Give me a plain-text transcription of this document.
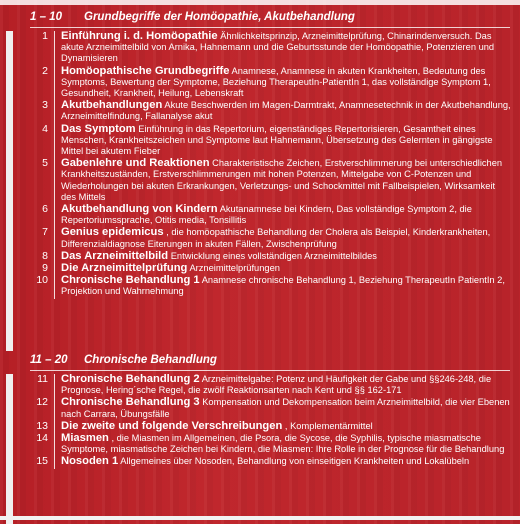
1 – 10 Grundbegriffe der Homöopathie, Akutbehandlung
1	Einführung i. d. Homöopathie Ähnlichkeitsprinzip, Arzneimittelprüfung, Chinarindenversuch. Das akute Arzneimittelbild von Arnika, Hahnemann und die Geburtsstunde der Homöopathie, Potenzieren und Dynamisieren
2	Homöopathische Grundbegriffe Anamnese, Anamnese in akuten Krankheiten, Bedeutung des Symptoms, Bewertung der Symptome, Beziehung TherapeutIn-PatientIn 1, das vollständige Symptom 1, Gesundheit, Krankheit, Heilung, Lebenskraft
3	Akutbehandlungen Akute Beschwerden im Magen-Darmtrakt, Anamnesetechnik in der Akutbehandlung, Arzneimittelfindung, Fallanalyse akut
4	Das Symptom Einführung in das Repertorium, eigenständiges Repertorisieren, Gesamtheit eines Menschen, Krankheitszeichen und Symptome laut Hahnemann, Übersetzung des Gelernten in gängigste Mittel bei akutem Fieber
5	Gabenlehre und Reaktionen Charakteristische Zeichen, Erstverschlimmerung bei unterschiedlichen Krankheitszuständen, Erstverschlimmerungen mit hohen Potenzen, Mittelgabe von C-Potenzen und Wiederholungen bei akuten Erkrankungen, Verletzungs- und Schockmittel mit Fallbeispielen, Wirksamkeit des Mittels
6	Akutbehandlung von Kindern Akutanamnese bei Kindern, Das vollständige Symptom 2, die Repertoriumssprache, Otitis media, Tonsillitis
7	Genius epidemicus , die homöopathische Behandlung der Cholera als Beispiel, Kinderkrankheiten, Differenzialdiagnose Eiterungen in akuten Fällen, Zwischenprüfung
8	Das Arzneimittelbild Entwicklung eines vollständigen Arzneimittelbildes
9	Die Arzneimittelprüfung Arzneimittelprüfungen
10	Chronische Behandlung 1 Anamnese chronische Behandlung 1, Beziehung TherapeutIn PatientIn 2, Projektion und Wahrnehmung
11 – 20 Chronische Behandlung
11	Chronische Behandlung 2 Arzneimittelgabe: Potenz und Häufigkeit der Gabe und §§246-248, die Prognose, Hering´sche Regel, die zwölf Reaktionsarten nach Kent und §§ 162-171
12	Chronische Behandlung 3 Kompensation und Dekompensation beim Arzneimittelbild, die vier Ebenen nach Carrara, Übungsfälle
13	Die zweite und folgende Verschreibungen , Komplementärmittel
14	Miasmen , die Miasmen im Allgemeinen, die Psora, die Sycose, die Syphilis, typische miasmatische Symptome, miasmatische Zeichen bei Kindern, die Miasmen: Ihre Rolle in der Prognose für die Behandlung
15	Nosoden 1 Allgemeines über Nosoden, Behandlung von einseitigen Krankheiten und Lokalübeln
